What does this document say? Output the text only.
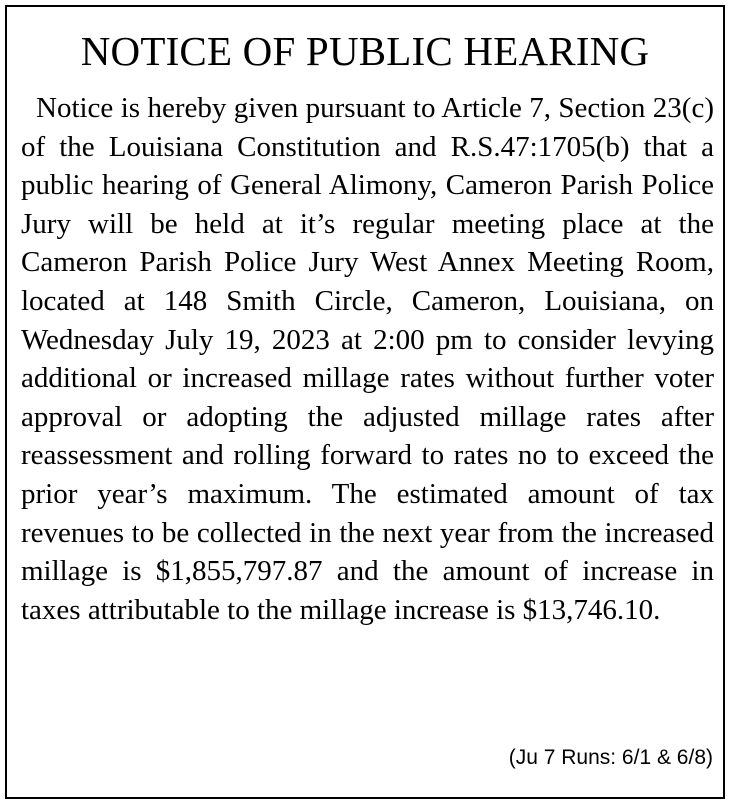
NOTICE OF PUBLIC HEARING

Notice is hereby given pursuant to Article 7, Section 23(c) of the Louisiana Constitution and R.S.47:1705(b) that a public hearing of General Alimony, Cameron Parish Police Jury will be held at it’s regular meeting place at the Cameron Parish Police Jury West Annex Meeting Room, located at 148 Smith Circle, Cameron, Louisiana, on Wednesday July 19, 2023 at 2:00 pm to consider levying additional or increased millage rates without further voter approval or adopting the adjusted millage rates after reassessment and rolling forward to rates no to exceed the prior year’s maximum. The estimated amount of tax revenues to be collected in the next year from the increased millage is $1,855,797.87 and the amount of increase in taxes attributable to the millage increase is $13,746.10.

(Ju 7 Runs: 6/1 & 6/8)
